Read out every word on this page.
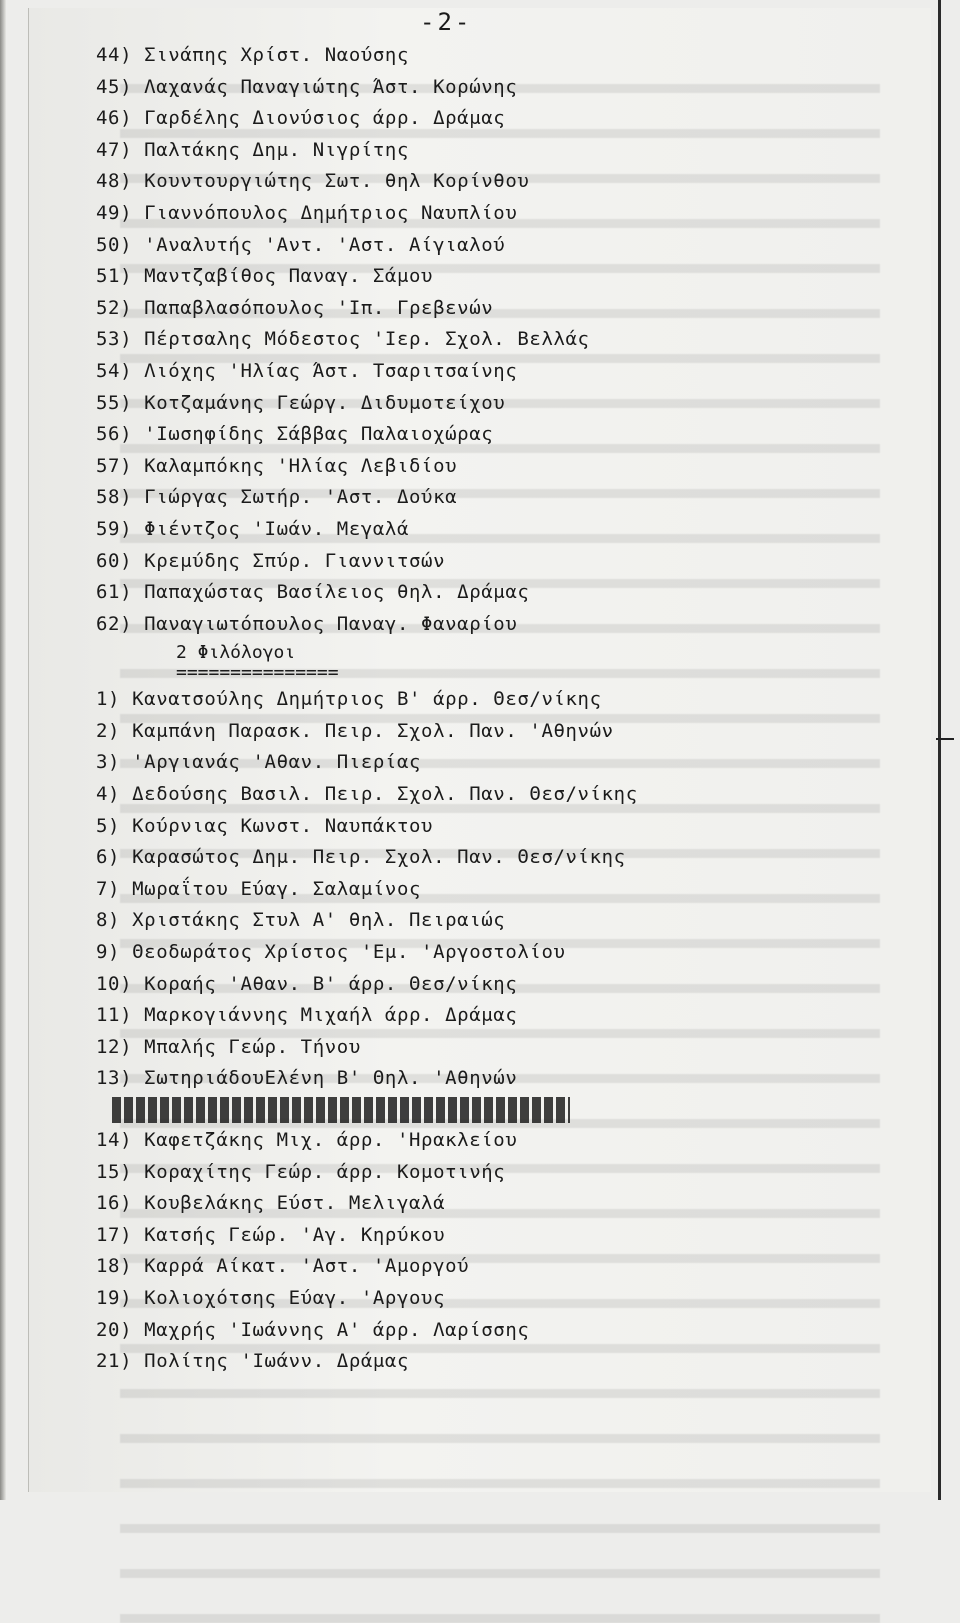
-2-
44) Σινάπης Χρίστ. Ναούσης
45) Λαχανάς Παναγιώτης Άστ. Κορώνης
46) Γαρδέλης Διονύσιος άρρ. Δράμας
47) Παλτάκης Δημ. Νιγρίτης
48) Κουντουργιώτης Σωτ. θηλ Κορίνθου
49) Γιαννόπουλος Δημήτριος Ναυπλίου
50) 'Αναλυτής 'Αντ. 'Αστ. Αίγιαλού
51) Μαντζαβίθος Παναγ. Σάμου
52) Παπαβλασόπουλος 'Ιπ. Γρεβενών
53) Πέρτσαλης Μόδεστος 'Ιερ. Σχολ. Βελλάς
54) Λιόχης 'Ηλίας Άστ. Τσαριτσαίνης
55) Κοτζαμάνης Γεώργ. Διδυμοτείχου
56) 'Ιωσηφίδης Σάββας Παλαιοχώρας
57) Καλαμπόκης 'Ηλίας Λεβιδίου
58) Γιώργας Σωτήρ. 'Αστ. Δούκα
59) Φιέντζος 'Ιωάν. Μεγαλά
60) Κρεμύδης Σπύρ. Γιαννιτσών
61) Παπαχώστας Βασίλειος θηλ. Δράμας
62) Παναγιωτόπουλος Παναγ. Φαναρίου
2 Φιλόλογοι
===============
1) Κανατσούλης Δημήτριος Β' άρρ. Θεσ/νίκης
2) Καμπάνη Παρασκ. Πειρ. Σχολ. Παν. 'Αθηνών
3) 'Αργιανάς 'Αθαν. Πιερίας
4) Δεδούσης Βασιλ. Πειρ. Σχολ. Παν. Θεσ/νίκης
5) Κούρνιας Κωνστ. Ναυπάκτου
6) Καρασώτος Δημ. Πειρ. Σχολ. Παν. Θεσ/νίκης
7) Μωραΐτου Εύαγ. Σαλαμίνος
8) Χριστάκης Στυλ Α' θηλ. Πειραιώς
9) Θεοδωράτος Χρίστος 'Εμ. 'Αργοστολίου
10) Κοραής 'Αθαν. Β' άρρ. Θεσ/νίκης
11) Μαρκογιάννης Μιχαήλ άρρ. Δράμας
12) Μπαλής Γεώρ. Τήνου
13) ΣωτηριάδουΕλένη Β' Θηλ. 'Αθηνών
14) Καφετζάκης Μιχ. άρρ. 'Ηρακλείου
15) Κοραχίτης Γεώρ. άρρ. Κομοτινής
16) Κουβελάκης Εύστ. Μελιγαλά
17) Κατσής Γεώρ. 'Αγ. Κηρύκου
18) Καρρά Αίκατ. 'Αστ. 'Αμοργού
19) Κολιοχότσης Εύαγ. 'Αργους
20) Μαχρής 'Ιωάννης Α' άρρ. Λαρίσσης
21) Πολίτης 'Ιωάνν. Δράμας
